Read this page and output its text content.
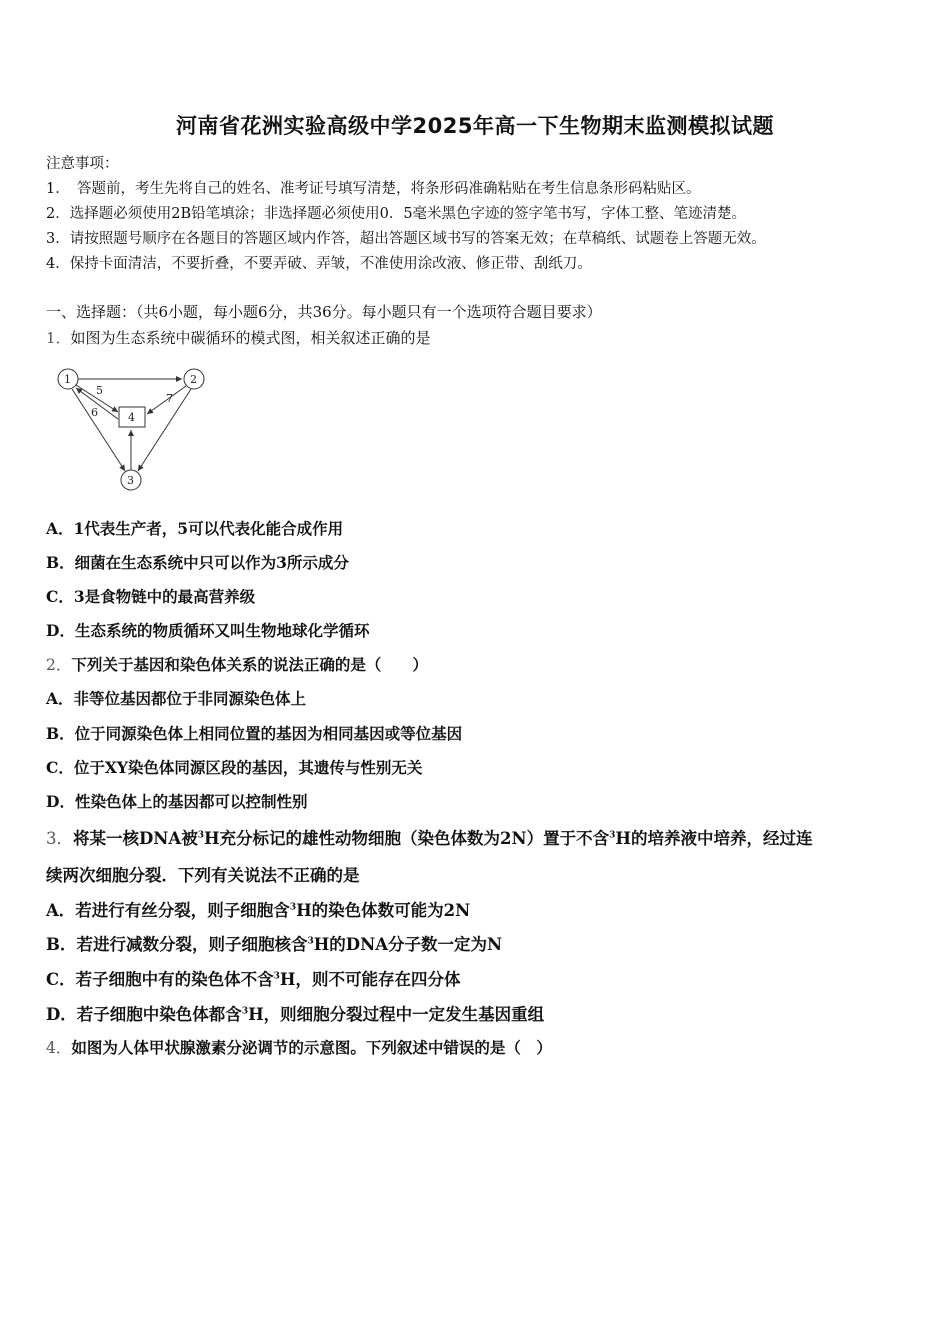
河南省花洲实验高级中学2025年高一下生物期末监测模拟试题
注意事项：
1．　答题前，考生先将自己的姓名、准考证号填写清楚，将条形码准确粘贴在考生信息条形码粘贴区。
2．选择题必须使用2B铅笔填涂；非选择题必须使用0．5毫米黑色字迹的签字笔书写，字体工整、笔迹清楚。
3．请按照题号顺序在各题目的答题区域内作答，超出答题区域书写的答案无效；在草稿纸、试题卷上答题无效。
4．保持卡面清洁，不要折叠，不要弄破、弄皱，不准使用涂改液、修正带、刮纸刀。
一、选择题：（共6小题，每小题6分，共36分。每小题只有一个选项符合题目要求）
1．如图为生态系统中碳循环的模式图，相关叙述正确的是
1	2
3
4
5
6
7
A．1代表生产者，5可以代表化能合成作用
B．细菌在生态系统中只可以作为3所示成分
C．3是食物链中的最高营养级
D．生态系统的物质循环又叫生物地球化学循环
2．下列关于基因和染色体关系的说法正确的是（　　）
A．非等位基因都位于非同源染色体上
B．位于同源染色体上相同位置的基因为相同基因或等位基因
C．位于XY染色体同源区段的基因，其遗传与性别无关
D．性染色体上的基因都可以控制性别
3．将某一核DNA被$^3$H充分标记的雄性动物细胞（染色体数为2N）置于不含$^3$H的培养液中培养，经过连
续两次细胞分裂．下列有关说法不正确的是
A．若进行有丝分裂，则子细胞含$^3$H的染色体数可能为2N
B．若进行减数分裂，则子细胞核含$^3$H的DNA分子数一定为N
C．若子细胞中有的染色体不含$^3$H，则不可能存在四分体
D．若子细胞中染色体都含$^3$H，则细胞分裂过程中一定发生基因重组
4．如图为人体甲状腺激素分泌调节的示意图。下列叙述中错误的是（　）
